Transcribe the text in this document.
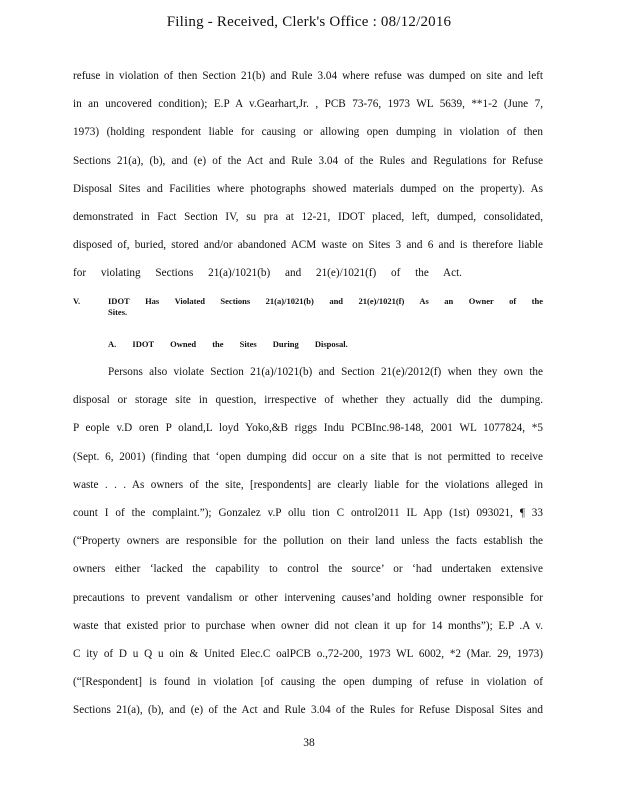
Filing - Received, Clerk's Office : 08/12/2016
refuse in violation of then Section 21(b) and Rule 3.04 where refuse was dumped on site and left
in an uncovered condition); E.P A v.Gearhart,Jr. , PCB 73-76, 1973 WL 5639, **1-2 (June 7,
1973) (holding respondent liable for causing or allowing open dumping in violation of then
Sections 21(a), (b), and (e) of the Act and Rule 3.04 of the Rules and Regulations for Refuse
Disposal Sites and Facilities where photographs showed materials dumped on the property). As
demonstrated in Fact Section IV, su pra at 12-21, IDOT placed, left, dumped, consolidated,
disposed of, buried, stored and/or abandoned ACM waste on Sites 3 and 6 and is therefore liable
for violating Sections 21(a)/1021(b) and 21(e)/1021(f) of the Act.
V.	IDOT Has Violated Sections 21(a)/1021(b) and 21(e)/1021(f) As an Owner of the
Sites.
A. IDOT Owned the Sites During Disposal.
Persons also violate Section 21(a)/1021(b) and Section 21(e)/2012(f) when they own the
disposal or storage site in question, irrespective of whether they actually did the dumping.
P eople v.D oren P oland,L loyd Yoko,&B riggs Indu PCBInc.98-148, 2001 WL 1077824, *5
(Sept. 6, 2001) (finding that ‘open dumping did occur on a site that is not permitted to receive
waste . . . As owners of the site, [respondents] are clearly liable for the violations alleged in
count I of the complaint.”); Gonzalez v.P ollu tion C ontrol2011 IL App (1st) 093021, ¶ 33
(“Property owners are responsible for the pollution on their land unless the facts establish the
owners either ‘lacked the capability to control the source’ or ‘had undertaken extensive
precautions to prevent vandalism or other intervening causes’and holding owner responsible for
waste that existed prior to purchase when owner did not clean it up for 14 months”); E.P .A v.
C ity of D u Q u oin & United Elec.C oalPCB o.,72-200, 1973 WL 6002, *2 (Mar. 29, 1973)
(“[Respondent] is found in violation [of causing the open dumping of refuse in violation of
Sections 21(a), (b), and (e) of the Act and Rule 3.04 of the Rules for Refuse Disposal Sites and
38
